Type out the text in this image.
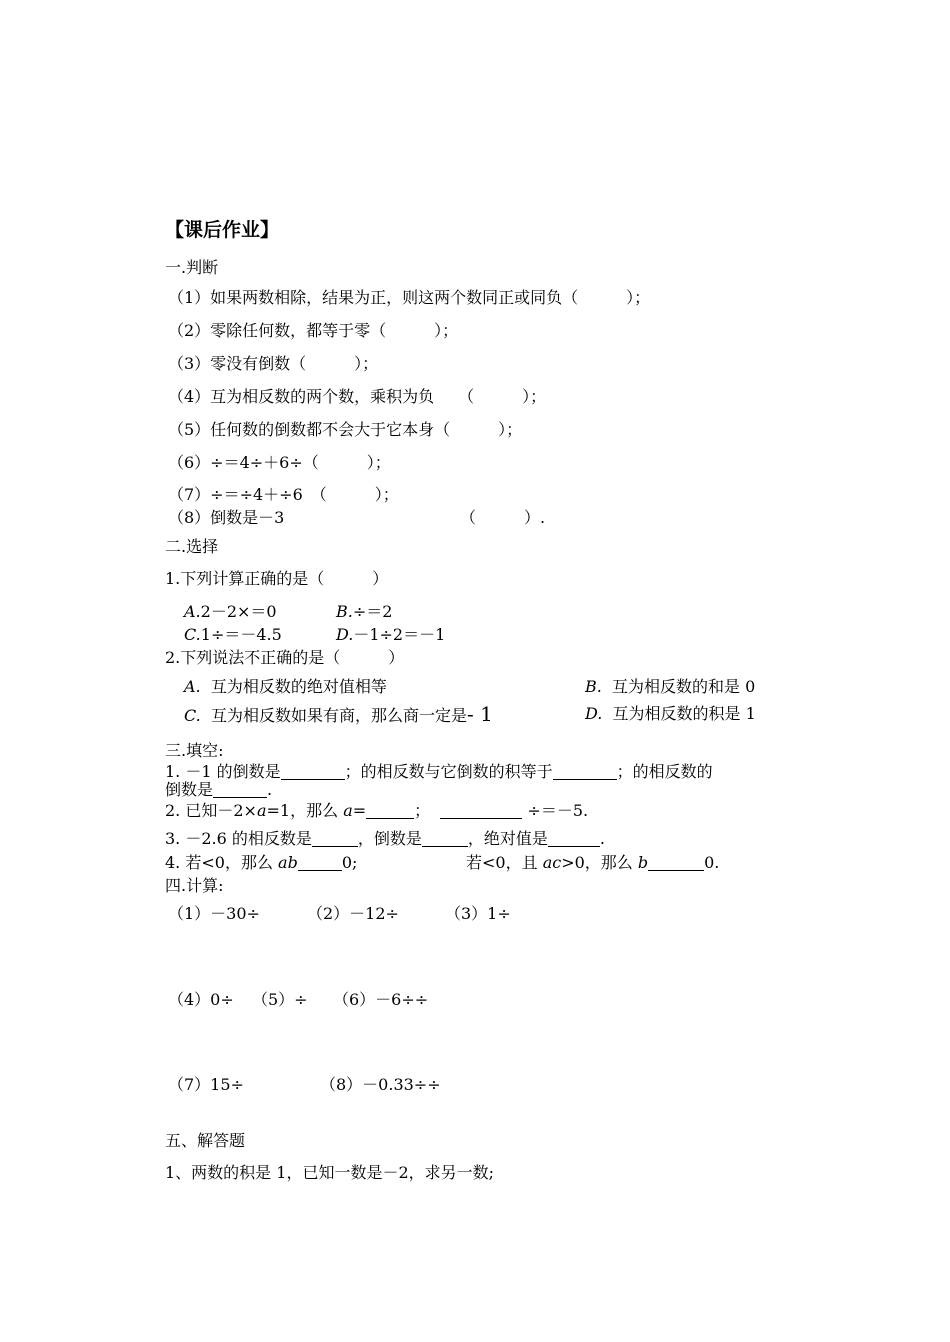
【课后作业】
一.判断
（1）如果两数相除，结果为正，则这两个数同正或同负（　　　）；
（2）零除任何数，都等于零（　　　）；
（3）零没有倒数（　　　）；
（4）互为相反数的两个数，乘积为负　　（　　　）；
（5）任何数的倒数都不会大于它本身（　　　）；
（6）÷＝4÷＋6÷（　　　）；
（7）÷＝÷4＋÷6　（　　　）；
（8）倒数是－3	（　　　）.
二.选择
1.下列计算正确的是（　　　）
A.2－2×＝0	B.÷＝2
C.1÷＝－4.5	D.－1÷2＝－1
2.下列说法不正确的是（　　　）
A. 互为相反数的绝对值相等	B. 互为相反数的和是 0
C. 互为相反数如果有商，那么商一定是- 1	D. 互为相反数的积是 1
三.填空:
1. －1 的倒数是	；的相反数与它倒数的积等于	；的相反数的
倒数是	.
2. 已知－2×a=1，那么 a=	；	÷＝－5.
3. －2.6 的相反数是	，倒数是	，绝对值是	.
4. 若<0，那么 ab	0;	若<0，且 ac>0，那么 b	0.
四.计算:
（1）－30÷	（2）－12÷	（3）1÷
（4）0÷ （5）÷ （6）－6÷÷
（7）15÷	（8）－0.33÷÷
五、解答题
1、两数的积是 1，已知一数是－2，求另一数;
